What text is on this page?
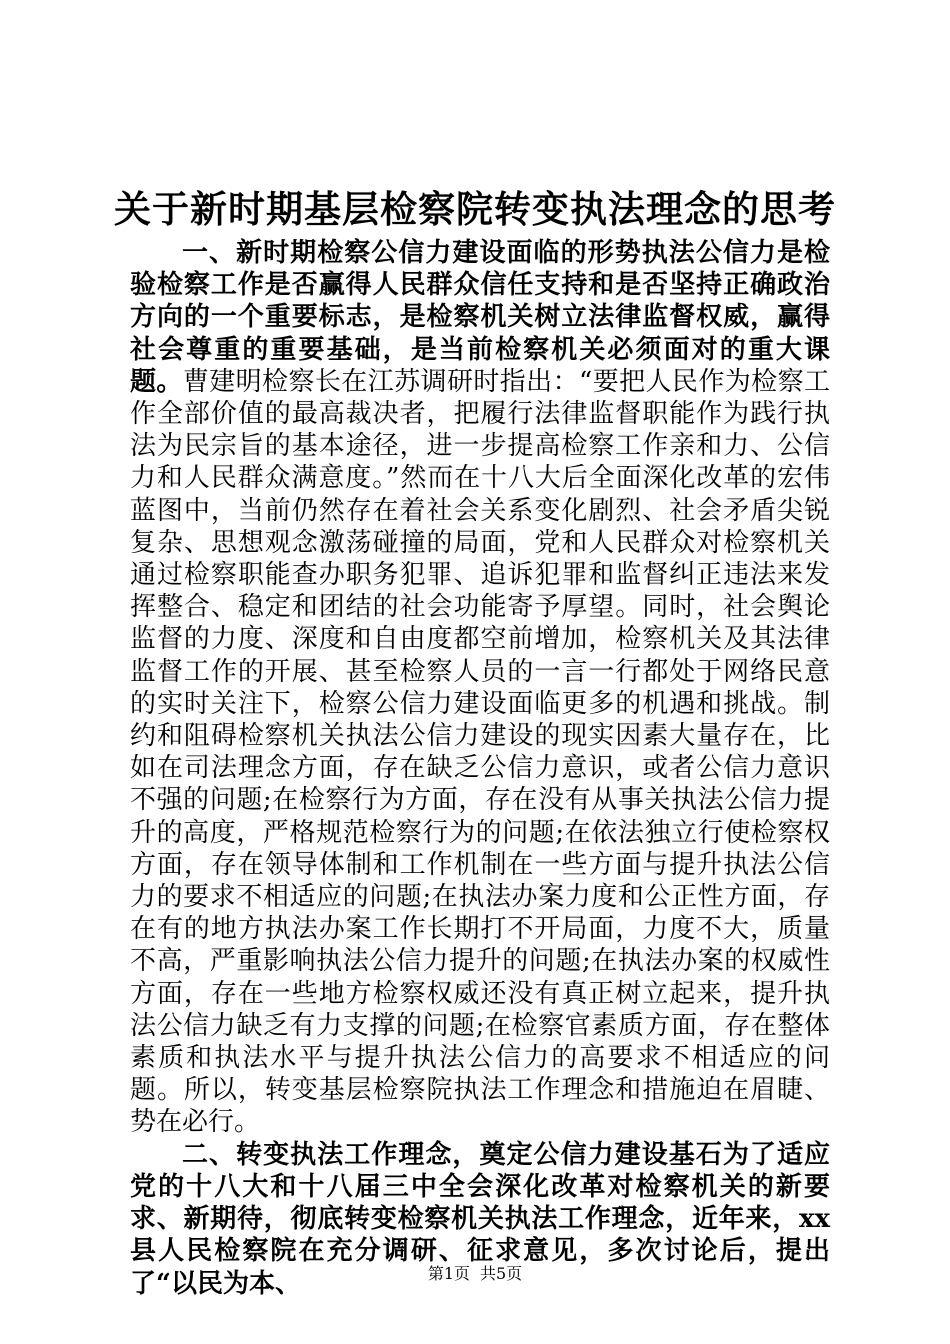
关于新时期基层检察院转变执法理念的思考

一、新时期检察公信力建设面临的形势执法公信力是检验检察工作是否赢得人民群众信任支持和是否坚持正确政治方向的一个重要标志，是检察机关树立法律监督权威，赢得社会尊重的重要基础，是当前检察机关必须面对的重大课题。曹建明检察长在江苏调研时指出：“要把人民作为检察工作全部价值的最高裁决者，把履行法律监督职能作为践行执法为民宗旨的基本途径，进一步提高检察工作亲和力、公信力和人民群众满意度。”然而在十八大后全面深化改革的宏伟蓝图中，当前仍然存在着社会关系变化剧烈、社会矛盾尖锐复杂、思想观念激荡碰撞的局面，党和人民群众对检察机关通过检察职能查办职务犯罪、追诉犯罪和监督纠正违法来发挥整合、稳定和团结的社会功能寄予厚望。同时，社会舆论监督的力度、深度和自由度都空前增加，检察机关及其法律监督工作的开展、甚至检察人员的一言一行都处于网络民意的实时关注下，检察公信力建设面临更多的机遇和挑战。制约和阻碍检察机关执法公信力建设的现实因素大量存在，比如在司法理念方面，存在缺乏公信力意识，或者公信力意识不强的问题;在检察行为方面，存在没有从事关执法公信力提升的高度，严格规范检察行为的问题;在依法独立行使检察权方面，存在领导体制和工作机制在一些方面与提升执法公信力的要求不相适应的问题;在执法办案力度和公正性方面，存在有的地方执法办案工作长期打不开局面，力度不大，质量不高，严重影响执法公信力提升的问题;在执法办案的权威性方面，存在一些地方检察权威还没有真正树立起来，提升执法公信力缺乏有力支撑的问题;在检察官素质方面，存在整体素质和执法水平与提升执法公信力的高要求不相适应的问题。所以，转变基层检察院执法工作理念和措施迫在眉睫、势在必行。

二、转变执法工作理念，奠定公信力建设基石为了适应党的十八大和十八届三中全会深化改革对检察机关的新要求、新期待，彻底转变检察机关执法工作理念，近年来，xx县人民检察院在充分调研、征求意见，多次讨论后，提出了“以民为本、	第1页 共5页
